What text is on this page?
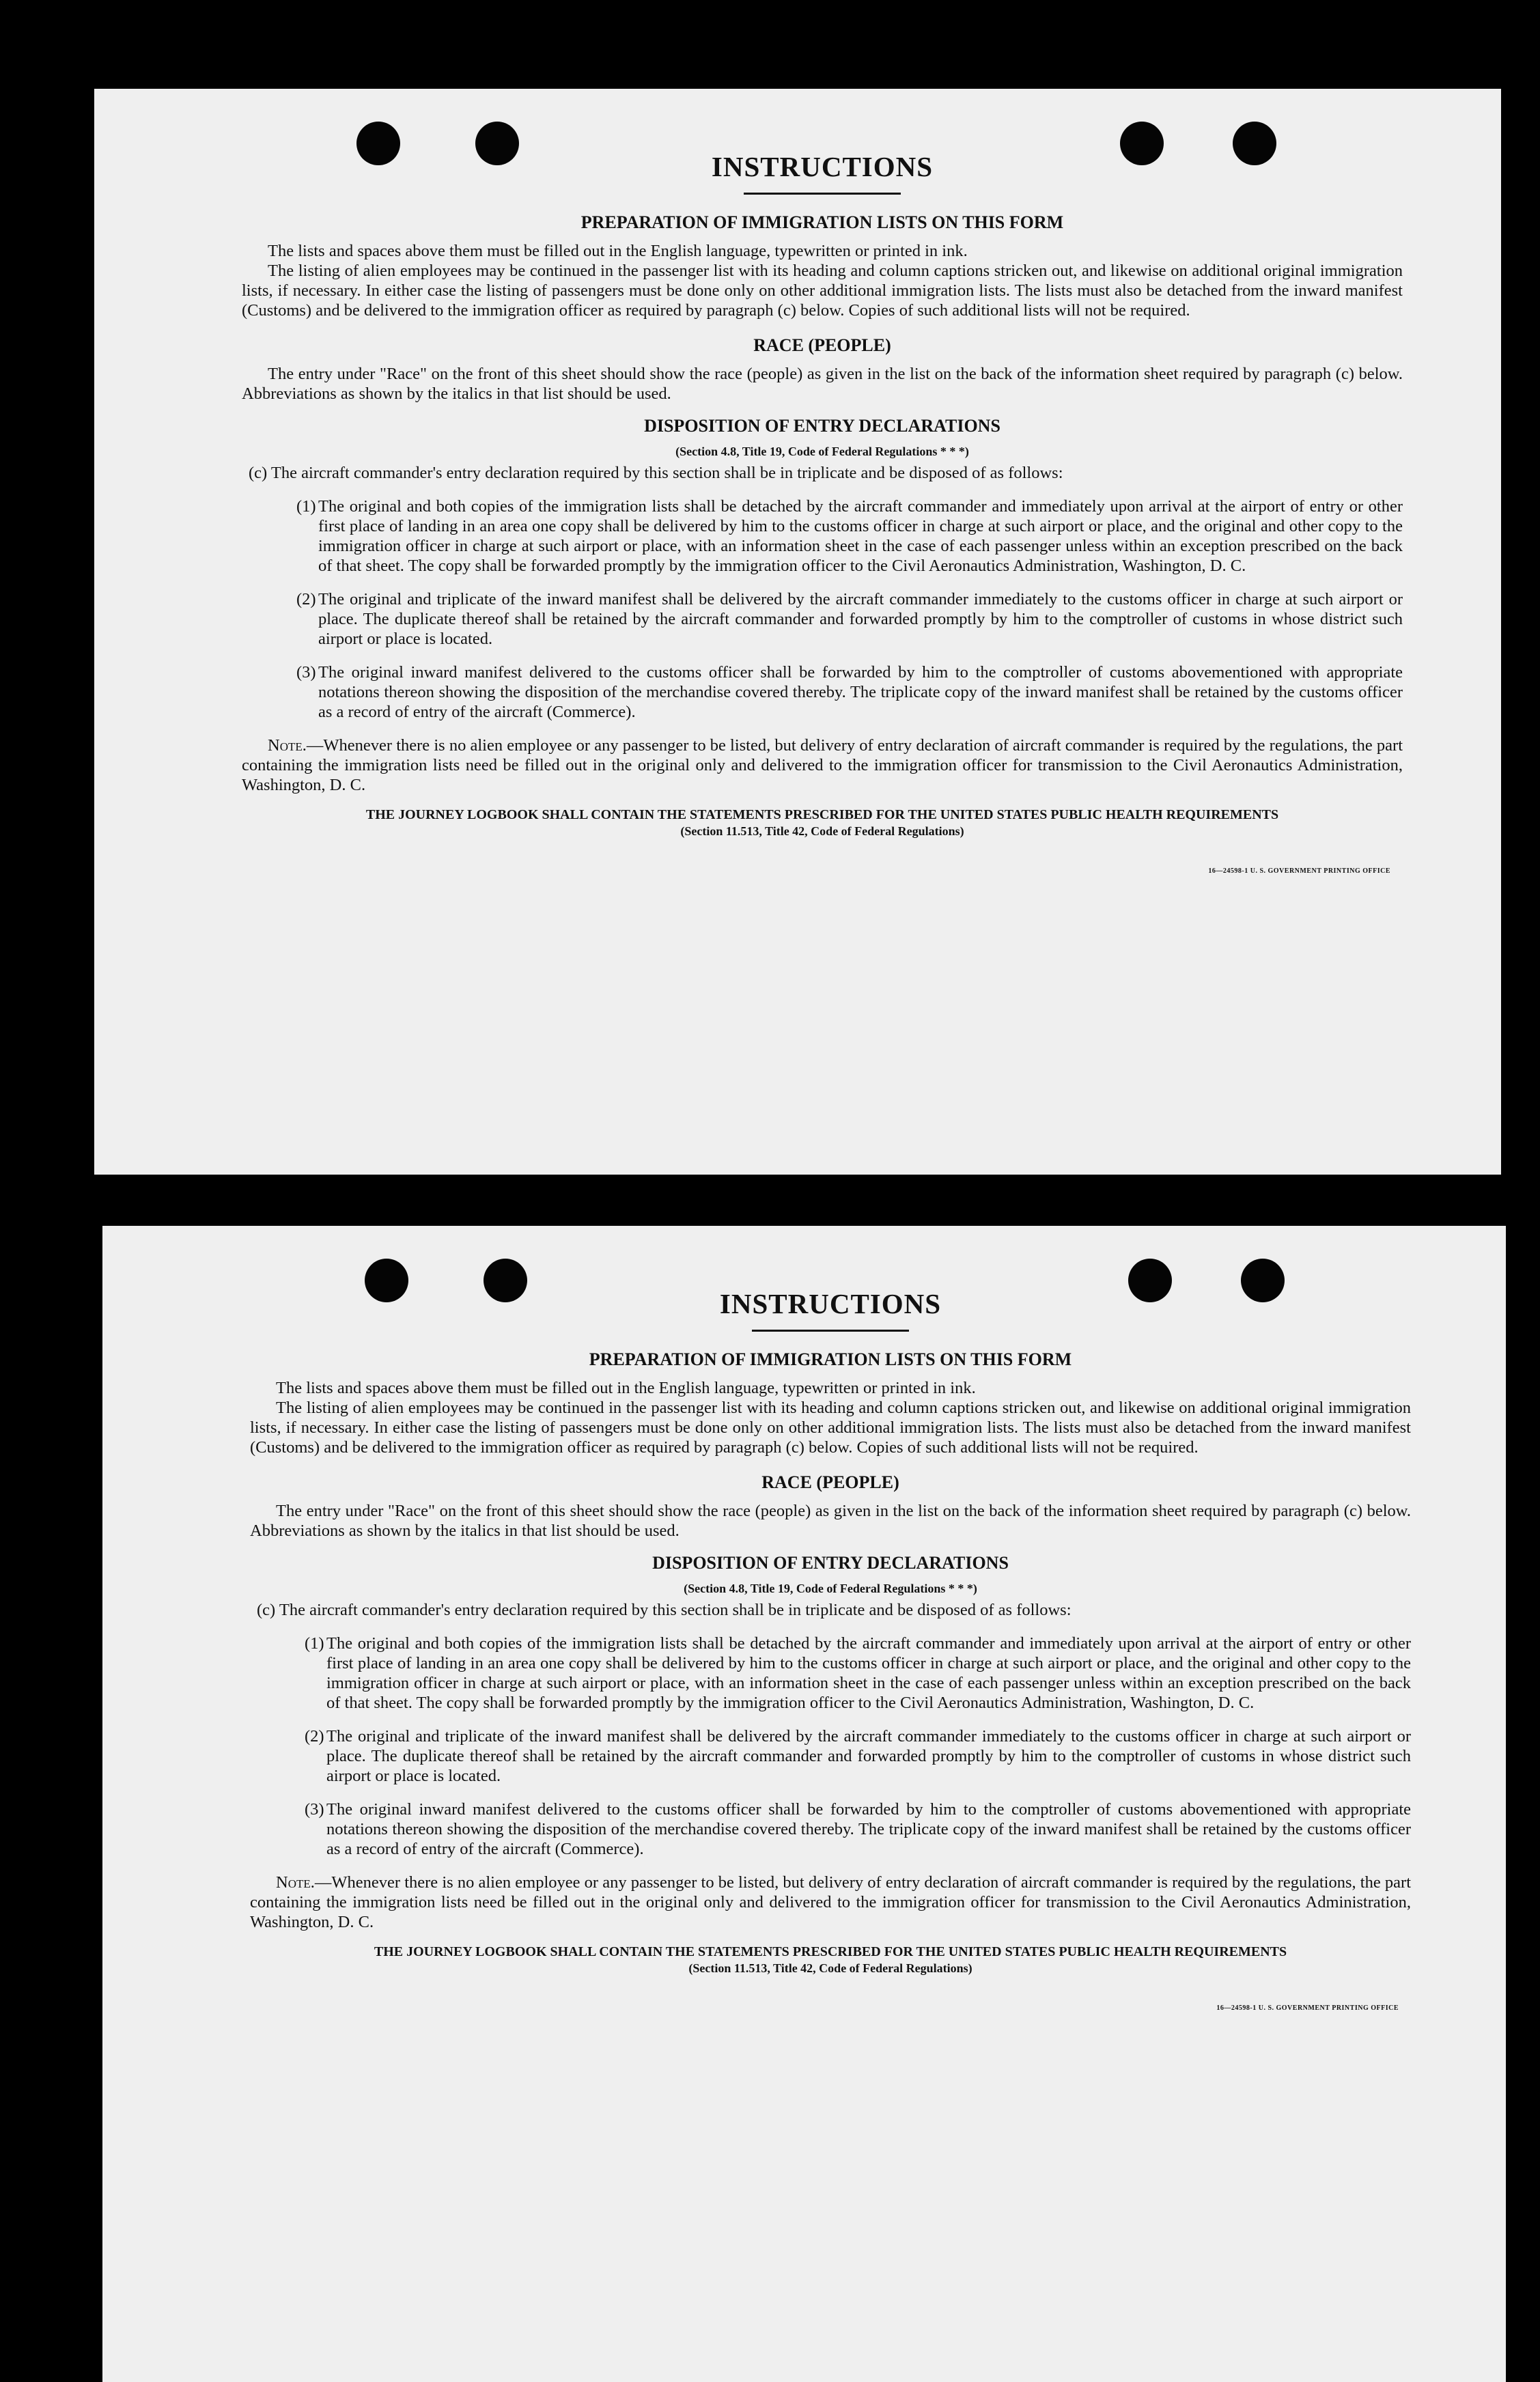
INSTRUCTIONS
PREPARATION OF IMMIGRATION LISTS ON THIS FORM

The lists and spaces above them must be filled out in the English language, typewritten or printed in ink.

The listing of alien employees may be continued in the passenger list with its heading and column captions stricken out, and likewise on additional original immigration lists, if necessary. In either case the listing of passengers must be done only on other additional immigration lists. The lists must also be detached from the inward manifest (Customs) and be delivered to the immigration officer as required by paragraph (c) below. Copies of such additional lists will not be required.

RACE (PEOPLE)

The entry under "Race" on the front of this sheet should show the race (people) as given in the list on the back of the information sheet required by paragraph (c) below. Abbreviations as shown by the italics in that list should be used.

DISPOSITION OF ENTRY DECLARATIONS
(Section 4.8, Title 19, Code of Federal Regulations * * *)

(c) The aircraft commander's entry declaration required by this section shall be in triplicate and be disposed of as follows:

(1) The original and both copies of the immigration lists shall be detached by the aircraft commander and immediately upon arrival at the airport of entry or other first place of landing in an area one copy shall be delivered by him to the customs officer in charge at such airport or place, and the original and other copy to the immigration officer in charge at such airport or place, with an information sheet in the case of each passenger unless within an exception prescribed on the back of that sheet. The copy shall be forwarded promptly by the immigration officer to the Civil Aeronautics Administration, Washington, D. C.
(2) The original and triplicate of the inward manifest shall be delivered by the aircraft commander immediately to the customs officer in charge at such airport or place. The duplicate thereof shall be retained by the aircraft commander and forwarded promptly by him to the comptroller of customs in whose district such airport or place is located.
(3) The original inward manifest delivered to the customs officer shall be forwarded by him to the comptroller of customs abovementioned with appropriate notations thereon showing the disposition of the merchandise covered thereby. The triplicate copy of the inward manifest shall be retained by the customs officer as a record of entry of the aircraft (Commerce).

Note.—Whenever there is no alien employee or any passenger to be listed, but delivery of entry declaration of aircraft commander is required by the regulations, the part containing the immigration lists need be filled out in the original only and delivered to the immigration officer for transmission to the Civil Aeronautics Administration, Washington, D. C.

THE JOURNEY LOGBOOK SHALL CONTAIN THE STATEMENTS PRESCRIBED FOR THE UNITED STATES PUBLIC HEALTH REQUIREMENTS
(Section 11.513, Title 42, Code of Federal Regulations)
16—24598-1 U. S. GOVERNMENT PRINTING OFFICE
INSTRUCTIONS
PREPARATION OF IMMIGRATION LISTS ON THIS FORM

The lists and spaces above them must be filled out in the English language, typewritten or printed in ink.

The listing of alien employees may be continued in the passenger list with its heading and column captions stricken out, and likewise on additional original immigration lists, if necessary. In either case the listing of passengers must be done only on other additional immigration lists. The lists must also be detached from the inward manifest (Customs) and be delivered to the immigration officer as required by paragraph (c) below. Copies of such additional lists will not be required.

RACE (PEOPLE)

The entry under "Race" on the front of this sheet should show the race (people) as given in the list on the back of the information sheet required by paragraph (c) below. Abbreviations as shown by the italics in that list should be used.

DISPOSITION OF ENTRY DECLARATIONS
(Section 4.8, Title 19, Code of Federal Regulations * * *)

(c) The aircraft commander's entry declaration required by this section shall be in triplicate and be disposed of as follows:

(1) The original and both copies of the immigration lists shall be detached by the aircraft commander and immediately upon arrival at the airport of entry or other first place of landing in an area one copy shall be delivered by him to the customs officer in charge at such airport or place, and the original and other copy to the immigration officer in charge at such airport or place, with an information sheet in the case of each passenger unless within an exception prescribed on the back of that sheet. The copy shall be forwarded promptly by the immigration officer to the Civil Aeronautics Administration, Washington, D. C.
(2) The original and triplicate of the inward manifest shall be delivered by the aircraft commander immediately to the customs officer in charge at such airport or place. The duplicate thereof shall be retained by the aircraft commander and forwarded promptly by him to the comptroller of customs in whose district such airport or place is located.
(3) The original inward manifest delivered to the customs officer shall be forwarded by him to the comptroller of customs abovementioned with appropriate notations thereon showing the disposition of the merchandise covered thereby. The triplicate copy of the inward manifest shall be retained by the customs officer as a record of entry of the aircraft (Commerce).

Note.—Whenever there is no alien employee or any passenger to be listed, but delivery of entry declaration of aircraft commander is required by the regulations, the part containing the immigration lists need be filled out in the original only and delivered to the immigration officer for transmission to the Civil Aeronautics Administration, Washington, D. C.

THE JOURNEY LOGBOOK SHALL CONTAIN THE STATEMENTS PRESCRIBED FOR THE UNITED STATES PUBLIC HEALTH REQUIREMENTS
(Section 11.513, Title 42, Code of Federal Regulations)
16—24598-1 U. S. GOVERNMENT PRINTING OFFICE
